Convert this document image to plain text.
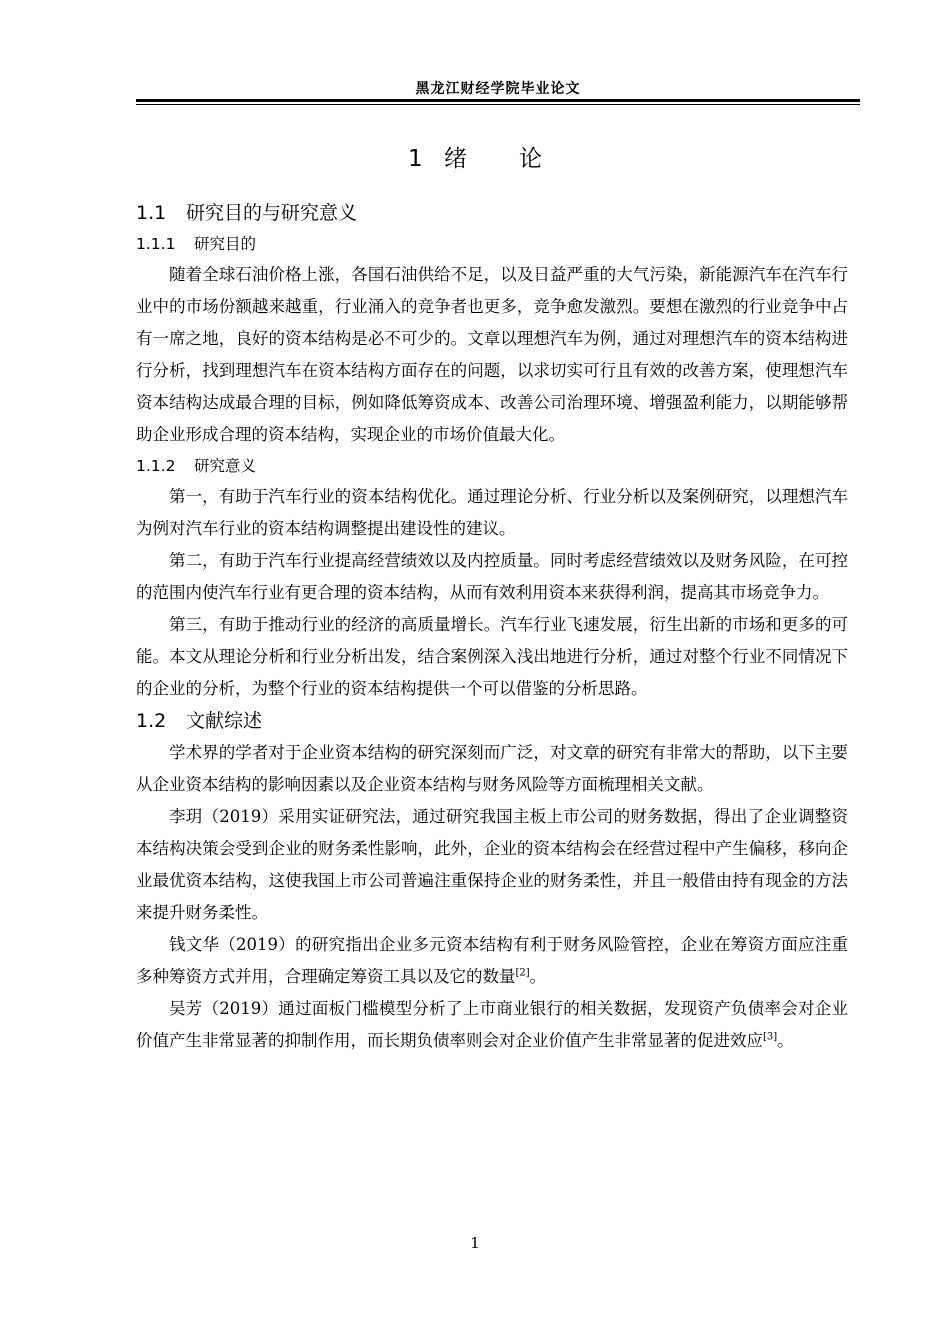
黑龙江财经学院毕业论文
1 绪 论
1.1 研究目的与研究意义
1.1.1 研究目的

随着全球石油价格上涨，各国石油供给不足，以及日益严重的大气污染，新能源汽车在汽车行业中的市场份额越来越重，行业涌入的竞争者也更多，竞争愈发激烈。要想在激烈的行业竞争中占有一席之地，良好的资本结构是必不可少的。文章以理想汽车为例，通过对理想汽车的资本结构进行分析，找到理想汽车在资本结构方面存在的问题，以求切实可行且有效的改善方案，使理想汽车资本结构达成最合理的目标，例如降低筹资成本、改善公司治理环境、增强盈利能力，以期能够帮助企业形成合理的资本结构，实现企业的市场价值最大化。

1.1.2 研究意义

第一，有助于汽车行业的资本结构优化。通过理论分析、行业分析以及案例研究，以理想汽车为例对汽车行业的资本结构调整提出建设性的建议。

第二，有助于汽车行业提高经营绩效以及内控质量。同时考虑经营绩效以及财务风险，在可控的范围内使汽车行业有更合理的资本结构，从而有效利用资本来获得利润，提高其市场竞争力。

第三，有助于推动行业的经济的高质量增长。汽车行业飞速发展，衍生出新的市场和更多的可能。本文从理论分析和行业分析出发，结合案例深入浅出地进行分析，通过对整个行业不同情况下的企业的分析，为整个行业的资本结构提供一个可以借鉴的分析思路。

1.2 文献综述

学术界的学者对于企业资本结构的研究深刻而广泛，对文章的研究有非常大的帮助，以下主要从企业资本结构的影响因素以及企业资本结构与财务风险等方面梳理相关文献。

李玥（2019）采用实证研究法，通过研究我国主板上市公司的财务数据，得出了企业调整资本结构决策会受到企业的财务柔性影响，此外，企业的资本结构会在经营过程中产生偏移，移向企业最优资本结构，这使我国上市公司普遍注重保持企业的财务柔性，并且一般借由持有现金的方法来提升财务柔性。

钱文华（2019）的研究指出企业多元资本结构有利于财务风险管控，企业在筹资方面应注重多种筹资方式并用，合理确定筹资工具以及它的数量[2]。

吴芳（2019）通过面板门槛模型分析了上市商业银行的相关数据，发现资产负债率会对企业价值产生非常显著的抑制作用，而长期负债率则会对企业价值产生非常显著的促进效应[3]。

1
